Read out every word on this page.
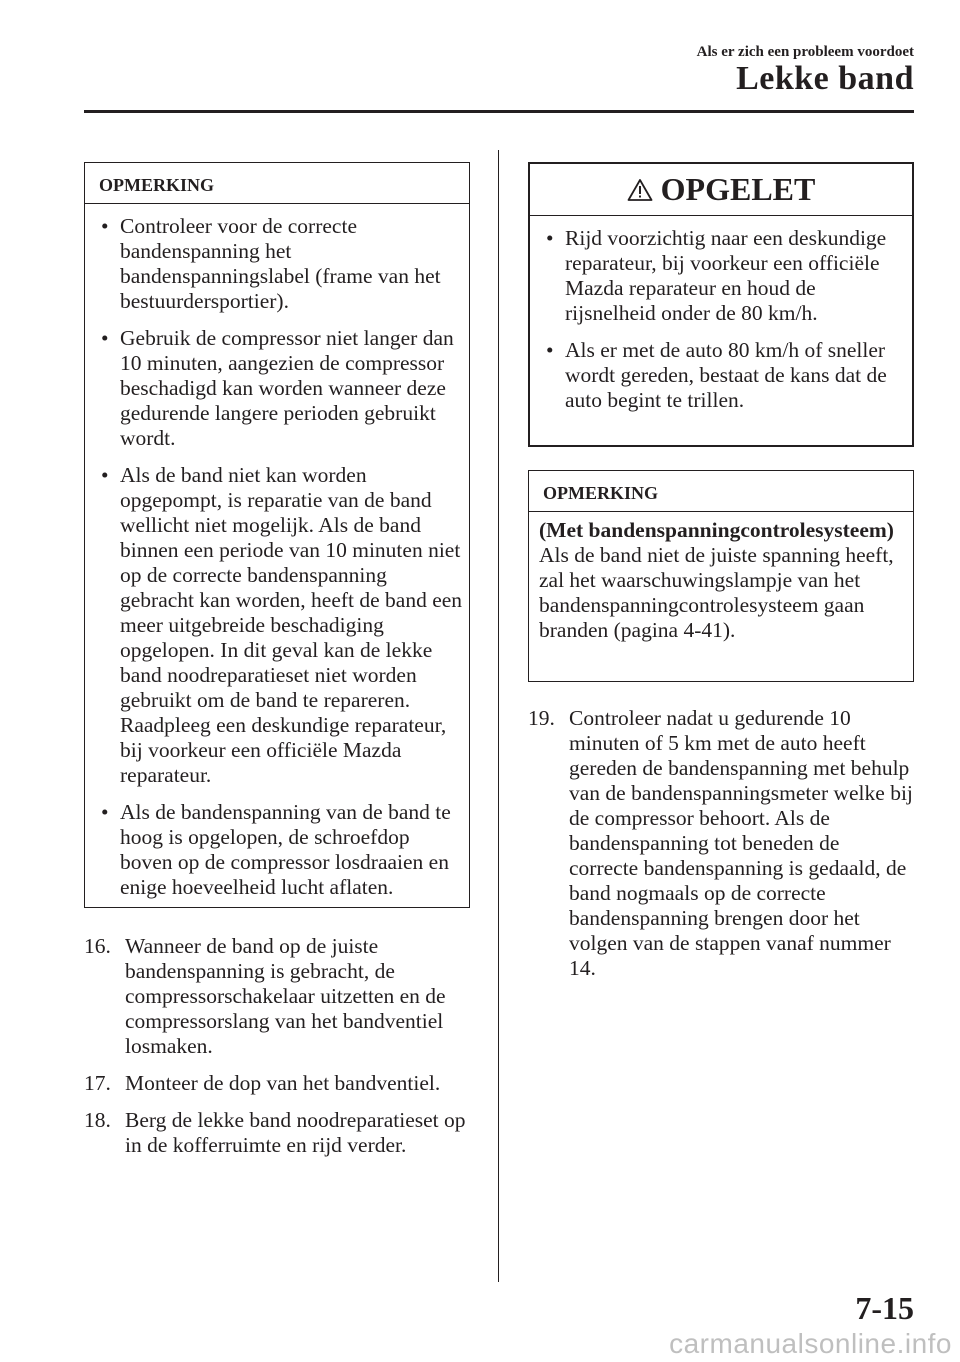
Als er zich een probleem voordoet
Lekke band
OPMERKING
• Controleer voor de correcte bandenspanning het bandenspanningslabel (frame van het bestuurdersportier).
• Gebruik de compressor niet langer dan 10 minuten, aangezien de compressor beschadigd kan worden wanneer deze gedurende langere perioden gebruikt wordt.
• Als de band niet kan worden opgepompt, is reparatie van de band wellicht niet mogelijk. Als de band binnen een periode van 10 minuten niet op de correcte bandenspanning gebracht kan worden, heeft de band een meer uitgebreide beschadiging opgelopen. In dit geval kan de lekke band noodreparatieset niet worden gebruikt om de band te repareren. Raadpleeg een deskundige reparateur, bij voorkeur een officiële Mazda reparateur.
• Als de bandenspanning van de band te hoog is opgelopen, de schroefdop boven op de compressor losdraaien en enige hoeveelheid lucht aflaten.
16. Wanneer de band op de juiste bandenspanning is gebracht, de compressorschakelaar uitzetten en de compressorslang van het bandventiel losmaken.
17. Monteer de dop van het bandventiel.
18. Berg de lekke band noodreparatieset op in de kofferruimte en rijd verder.
OPGELET
• Rijd voorzichtig naar een deskundige reparateur, bij voorkeur een officiële Mazda reparateur en houd de rijsnelheid onder de 80 km/h.
• Als er met de auto 80 km/h of sneller wordt gereden, bestaat de kans dat de auto begint te trillen.
OPMERKING
(Met bandenspanningcontrolesysteem)
Als de band niet de juiste spanning heeft, zal het waarschuwingslampje van het bandenspanningcontrolesysteem gaan branden (pagina 4-41).
19. Controleer nadat u gedurende 10 minuten of 5 km met de auto heeft gereden de bandenspanning met behulp van de bandenspanningsmeter welke bij de compressor behoort. Als de bandenspanning tot beneden de correcte bandenspanning is gedaald, de band nogmaals op de correcte bandenspanning brengen door het volgen van de stappen vanaf nummer 14.
7-15
carmanualsonline.info
